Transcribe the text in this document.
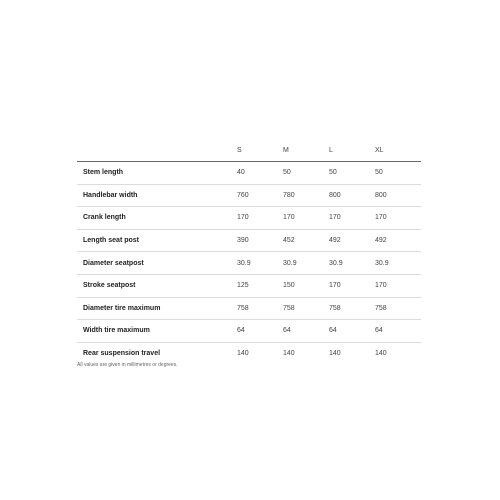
	S	M	L	XL
Stem length	40	50	50	50
Handlebar width	760	780	800	800
Crank length	170	170	170	170
Length seat post	390	452	492	492
Diameter seatpost	30.9	30.9	30.9	30.9
Stroke seatpost	125	150	170	170
Diameter tire maximum	758	758	758	758
Width tire maximum	64	64	64	64
Rear suspension travel	140	140	140	140

All values are given in millimetres or degrees.
